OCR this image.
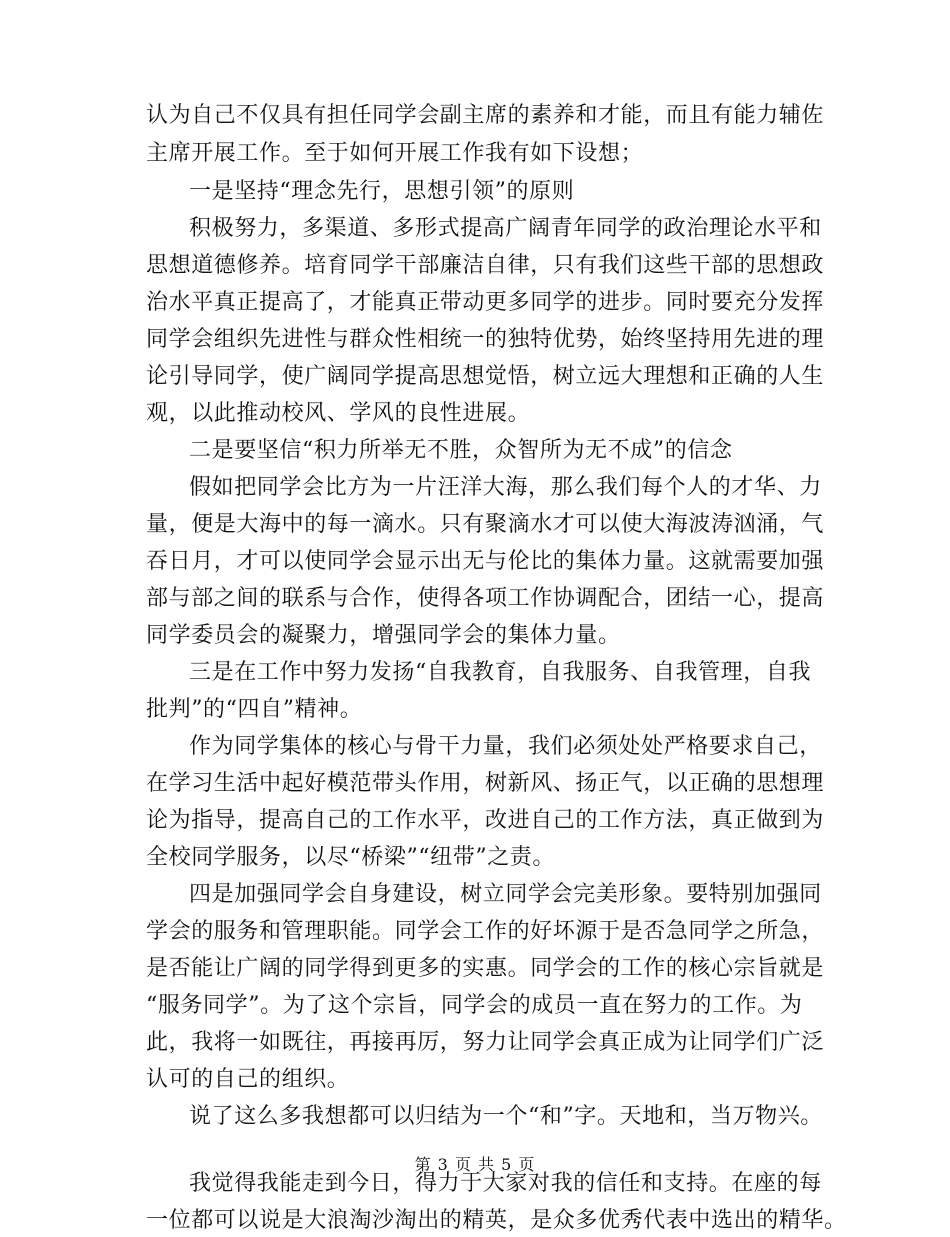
认为自己不仅具有担任同学会副主席的素养和才能，而且有能力辅佐
主席开展工作。至于如何开展工作我有如下设想；
一是坚持“理念先行，思想引领”的原则
积极努力，多渠道、多形式提高广阔青年同学的政治理论水平和
思想道德修养。培育同学干部廉洁自律，只有我们这些干部的思想政
治水平真正提高了，才能真正带动更多同学的进步。同时要充分发挥
同学会组织先进性与群众性相统一的独特优势，始终坚持用先进的理
论引导同学，使广阔同学提高思想觉悟，树立远大理想和正确的人生
观，以此推动校风、学风的良性进展。
二是要坚信“积力所举无不胜，众智所为无不成”的信念
假如把同学会比方为一片汪洋大海，那么我们每个人的才华、力
量，便是大海中的每一滴水。只有聚滴水才可以使大海波涛汹涌，气
吞日月，才可以使同学会显示出无与伦比的集体力量。这就需要加强
部与部之间的联系与合作，使得各项工作协调配合，团结一心，提高
同学委员会的凝聚力，增强同学会的集体力量。
三是在工作中努力发扬“自我教育，自我服务、自我管理，自我
批判”的“四自”精神。
作为同学集体的核心与骨干力量，我们必须处处严格要求自己，
在学习生活中起好模范带头作用，树新风、扬正气，以正确的思想理
论为指导，提高自己的工作水平，改进自己的工作方法，真正做到为
全校同学服务，以尽“桥梁”“纽带”之责。
四是加强同学会自身建设，树立同学会完美形象。要特别加强同
学会的服务和管理职能。同学会工作的好坏源于是否急同学之所急，
是否能让广阔的同学得到更多的实惠。同学会的工作的核心宗旨就是
“服务同学”。为了这个宗旨，同学会的成员一直在努力的工作。为
此，我将一如既往，再接再厉，努力让同学会真正成为让同学们广泛
认可的自己的组织。
说了这么多我想都可以归结为一个“和”字。天地和，当万物兴。
我觉得我能走到今日，得力于大家对我的信任和支持。在座的每
一位都可以说是大浪淘沙淘出的精英，是众多优秀代表中选出的精华。
第 3 页 共 5 页
